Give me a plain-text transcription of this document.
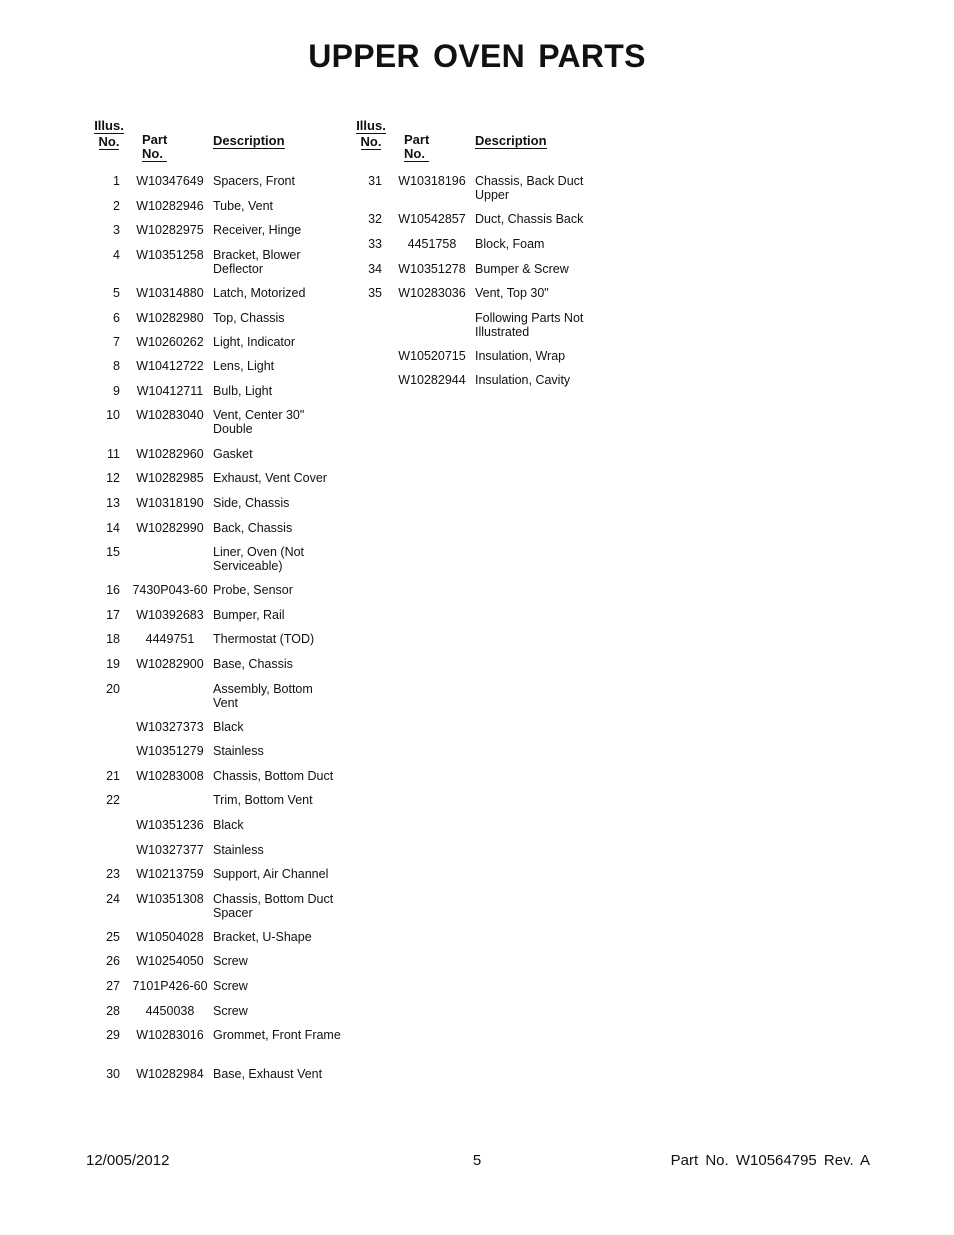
UPPER OVEN PARTS
Illus.
No.	Part No.
Description
1	W10347649 Spacers, Front
2	W10282946 Tube, Vent
3	W10282975 Receiver, Hinge
4	W10351258 Bracket, Blower Deflector
5	W10314880 Latch, Motorized
6	W10282980 Top, Chassis
7	W10260262 Light, Indicator
8	W10412722 Lens, Light
9	W10412711 Bulb, Light
10	W10283040 Vent, Center 30" Double
11	W10282960 Gasket
12	W10282985 Exhaust, Vent Cover
13	W10318190 Side, Chassis
14	W10282990 Back, Chassis
15	Liner, Oven (Not Serviceable)
16 7430P043-60 Probe, Sensor
17	W10392683 Bumper, Rail
18	4449751	Thermostat (TOD)
19	W10282900 Base, Chassis
20	Assembly, Bottom Vent
W10327373 Black
W10351279 Stainless
21	W10283008 Chassis, Bottom Duct
22	Trim, Bottom Vent
W10351236 Black
W10327377 Stainless
23	W10213759 Support, Air Channel
24	W10351308 Chassis, Bottom Duct Spacer
25	W10504028 Bracket, U-Shape
26	W10254050 Screw
27 7101P426-60 Screw
28	4450038	Screw
29	W10283016 Grommet, Front Frame
30	W10282984 Base, Exhaust Vent
Illus.
No.	Part No.
Description
31	W10318196 Chassis, Back Duct Upper
32	W10542857 Duct, Chassis Back
33	4451758	Block, Foam
34	W10351278 Bumper & Screw
35	W10283036 Vent, Top 30"
Following Parts Not Illustrated
W10520715 Insulation, Wrap
W10282944 Insulation, Cavity
12/005/2012	5	Part No. W10564795 Rev. A
